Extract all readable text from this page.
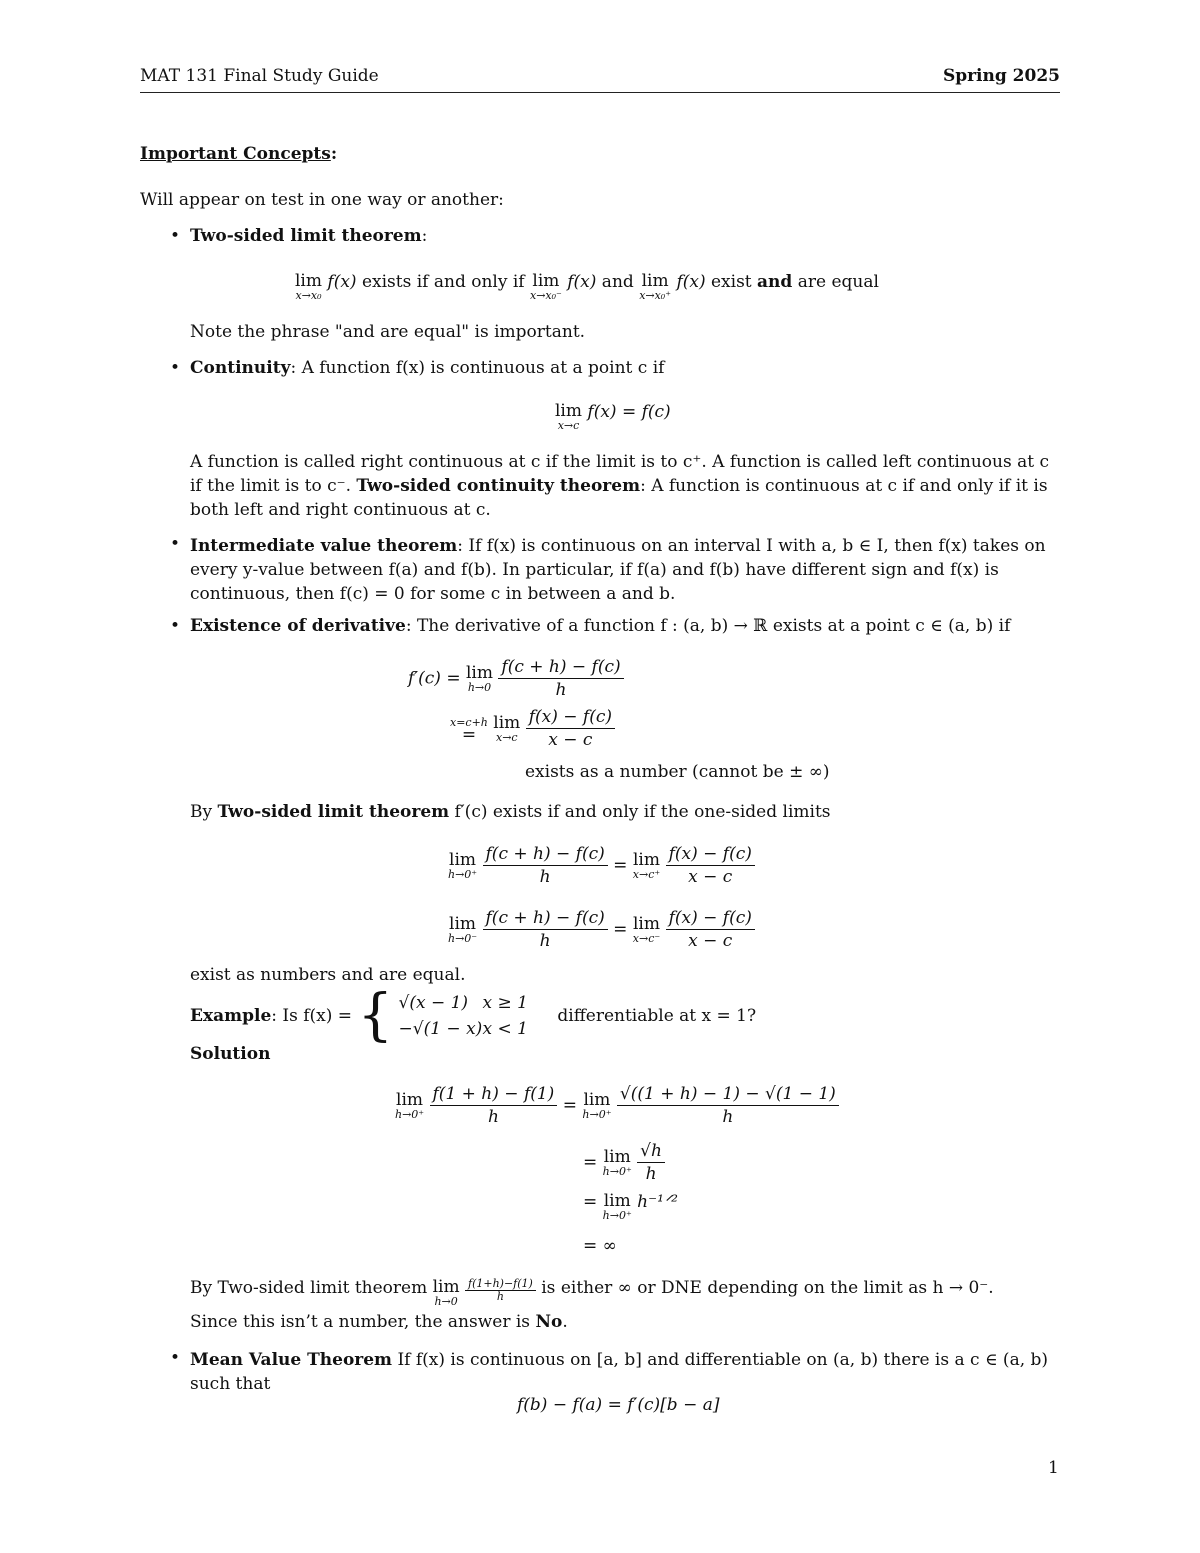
MAT 131 Final Study Guide	Spring 2025
Important Concepts:
Will appear on test in one way or another:
• Two-sided limit theorem:
lim
x→x₀
f(x) exists if and only if lim
x→x₀⁻
f(x) and lim
x→x₀⁺
f(x) exist and are equal
Note the phrase "and are equal" is important.
• Continuity: A function f(x) is continuous at a point c if
lim
x→c
f(x) = f(c)
A function is called right continuous at c if the limit is to c⁺. A function is called left continuous at c if the limit is to c⁻. Two-sided continuity theorem: A function is continuous at c if and only if it is both left and right continuous at c.
• Intermediate value theorem: If f(x) is continuous on an interval I with a, b ∈ I, then f(x) takes on every y-value between f(a) and f(b). In particular, if f(a) and f(b) have different sign and f(x) is continuous, then f(c) = 0 for some c in between a and b.
• Existence of derivative: The derivative of a function f : (a, b) → ℝ exists at a point c ∈ (a, b) if
f′(c) = lim
h→0
$\frac{f(c + h) - f(c)}{h}$
x=c+h
=
lim
x→c
$\frac{f(x) - f(c)}{x - c}$
exists as a number (cannot be ± ∞)
By Two-sided limit theorem f′(c) exists if and only if the one-sided limits
lim
h→0⁺
$\frac{f(c + h) - f(c)}{h} = \lim$
x→c⁺
$\frac{f(x) - f(c)}{x - c}$
lim
h→0⁻
$\frac{f(c + h) - f(c)}{h} = \lim$
x→c⁻
$\frac{f(x) - f(c)}{x - c}$
exist as numbers and are equal.
Example: Is f(x) = { √(x − 1) x ≥ 1
−√(1 − x)x < 1 differentiable at x = 1?
Solution
lim
h→0⁺
$\frac{f(1 + h) - f(1)}{h} = \lim$
h→0⁺
$\frac{√((1 + h) - 1) - √(1 - 1)}{h}$
= lim
h→0⁺
$\frac{√h}{h}$
= lim
h→0⁺
h⁻¹ᐟ²
= ∞
By Two-sided limit theorem lim
h→0
$\frac{f(1+h)-f(1)}{h}$ is either ∞ or DNE depending on the limit as h → 0⁻.
Since this isn’t a number, the answer is No.
• Mean Value Theorem If f(x) is continuous on [a, b] and differentiable on (a, b) there is a c ∈ (a, b) such that
f(b) − f(a) = f′(c)[b − a]
1
